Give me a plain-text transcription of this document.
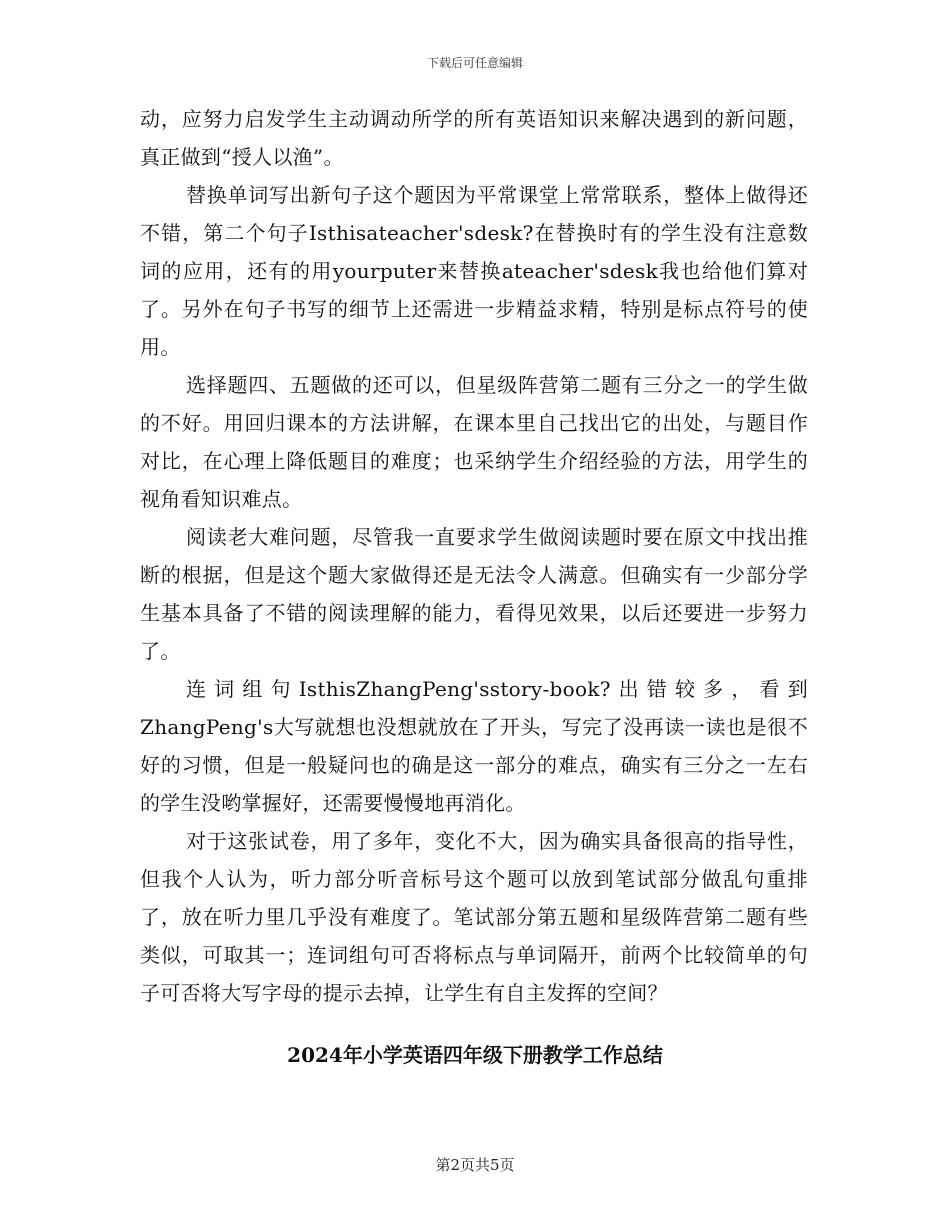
下载后可任意编辑

动，应努力启发学生主动调动所学的所有英语知识来解决遇到的新问题，真正做到“授人以渔”。

替换单词写出新句子这个题因为平常课堂上常常联系，整体上做得还不错，第二个句子Isthisateacher'sdesk?在替换时有的学生没有注意数词的应用，还有的用yourputer来替换ateacher'sdesk我也给他们算对了。另外在句子书写的细节上还需进一步精益求精，特别是标点符号的使用。

选择题四、五题做的还可以，但星级阵营第二题有三分之一的学生做的不好。用回归课本的方法讲解，在课本里自己找出它的出处，与题目作对比，在心理上降低题目的难度；也采纳学生介绍经验的方法，用学生的视角看知识难点。

阅读老大难问题，尽管我一直要求学生做阅读题时要在原文中找出推断的根据，但是这个题大家做得还是无法令人满意。但确实有一少部分学生基本具备了不错的阅读理解的能力，看得见效果，以后还要进一步努力了。

连词组句IsthisZhangPeng'sstory-book?出错较多，看到ZhangPeng's大写就想也没想就放在了开头，写完了没再读一读也是很不好的习惯，但是一般疑问也的确是这一部分的难点，确实有三分之一左右的学生没哟掌握好，还需要慢慢地再消化。

对于这张试卷，用了多年，变化不大，因为确实具备很高的指导性，但我个人认为，听力部分听音标号这个题可以放到笔试部分做乱句重排了，放在听力里几乎没有难度了。笔试部分第五题和星级阵营第二题有些类似，可取其一；连词组句可否将标点与单词隔开，前两个比较简单的句子可否将大写字母的提示去掉，让学生有自主发挥的空间？

2024年小学英语四年级下册教学工作总结
第2页共5页
